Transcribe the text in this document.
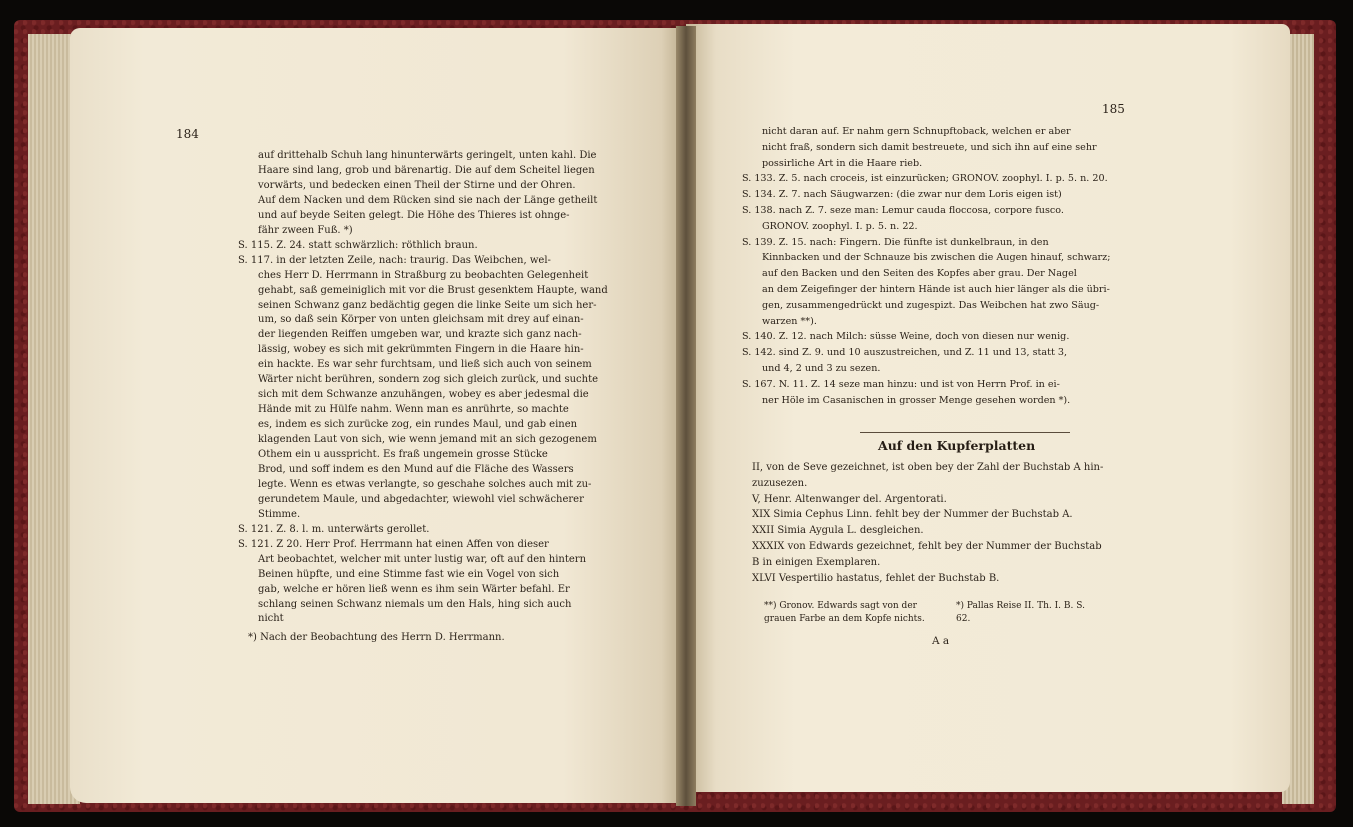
184
auf drittehalb Schuh lang hinunterwärts geringelt, unten kahl. Die
Haare sind lang, grob und bärenartig. Die auf dem Scheitel liegen
vorwärts, und bedecken einen Theil der Stirne und der Ohren.
Auf dem Nacken und dem Rücken sind sie nach der Länge getheilt
und auf beyde Seiten gelegt. Die Höhe des Thieres ist ohnge-
fähr zween Fuß. *)
S. 115. Z. 24. statt schwärzlich: röthlich braun.
S. 117. in der letzten Zeile, nach: traurig. Das Weibchen, wel-
ches Herr D. Herrmann in Straßburg zu beobachten Gelegenheit
gehabt, saß gemeiniglich mit vor die Brust gesenktem Haupte, wand
seinen Schwanz ganz bedächtig gegen die linke Seite um sich her-
um, so daß sein Körper von unten gleichsam mit drey auf einan-
der liegenden Reiffen umgeben war, und krazte sich ganz nach-
lässig, wobey es sich mit gekrümmten Fingern in die Haare hin-
ein hackte. Es war sehr furchtsam, und ließ sich auch von seinem
Wärter nicht berühren, sondern zog sich gleich zurück, und suchte
sich mit dem Schwanze anzuhängen, wobey es aber jedesmal die
Hände mit zu Hülfe nahm. Wenn man es anrührte, so machte
es, indem es sich zurücke zog, ein rundes Maul, und gab einen
klagenden Laut von sich, wie wenn jemand mit an sich gezogenem
Othem ein u ausspricht. Es fraß ungemein grosse Stücke
Brod, und soff indem es den Mund auf die Fläche des Wassers
legte. Wenn es etwas verlangte, so geschahe solches auch mit zu-
gerundetem Maule, und abgedachter, wiewohl viel schwächerer
Stimme.
S. 121. Z. 8. l. m. unterwärts gerollet.
S. 121. Z 20. Herr Prof. Herrmann hat einen Affen von dieser
Art beobachtet, welcher mit unter lustig war, oft auf den hintern
Beinen hüpfte, und eine Stimme fast wie ein Vogel von sich
gab, welche er hören ließ wenn es ihm sein Wärter befahl. Er
schlang seinen Schwanz niemals um den Hals, hing sich auch
nicht
*) Nach der Beobachtung des Herrn D. Herrmann.
185
nicht daran auf. Er nahm gern Schnupftoback, welchen er aber
nicht fraß, sondern sich damit bestreuete, und sich ihn auf eine sehr
possirliche Art in die Haare rieb.
S. 133. Z. 5. nach croceis, ist einzurücken; GRONOV. zoophyl. I. p. 5. n. 20.
S. 134. Z. 7. nach Säugwarzen: (die zwar nur dem Loris eigen ist)
S. 138. nach Z. 7. seze man: Lemur cauda floccosa, corpore fusco.
GRONOV. zoophyl. I. p. 5. n. 22.
S. 139. Z. 15. nach: Fingern. Die fünfte ist dunkelbraun, in den
Kinnbacken und der Schnauze bis zwischen die Augen hinauf, schwarz;
auf den Backen und den Seiten des Kopfes aber grau. Der Nagel
an dem Zeigefinger der hintern Hände ist auch hier länger als die übri-
gen, zusammengedrückt und zugespizt. Das Weibchen hat zwo Säug-
warzen **).
S. 140. Z. 12. nach Milch: süsse Weine, doch von diesen nur wenig.
S. 142. sind Z. 9. und 10 auszustreichen, und Z. 11 und 13, statt 3,
und 4, 2 und 3 zu sezen.
S. 167. N. 11. Z. 14 seze man hinzu: und ist von Herrn Prof. in ei-
ner Höle im Casanischen in grosser Menge gesehen worden *).
Auf den Kupferplatten
II, von de Seve gezeichnet, ist oben bey der Zahl der Buchstab A hin-
zuzusezen.
V, Henr. Altenwanger del. Argentorati.
XIX Simia Cephus Linn. fehlt bey der Nummer der Buchstab A.
XXII Simia Aygula L. desgleichen.
XXXIX von Edwards gezeichnet, fehlt bey der Nummer der Buchstab
B in einigen Exemplaren.
XLVI Vespertilio hastatus, fehlet der Buchstab B.
**) Gronov. Edwards sagt von der
grauen Farbe an dem Kopfe nichts.
*) Pallas Reise II. Th. I. B. S.
62.
A a
